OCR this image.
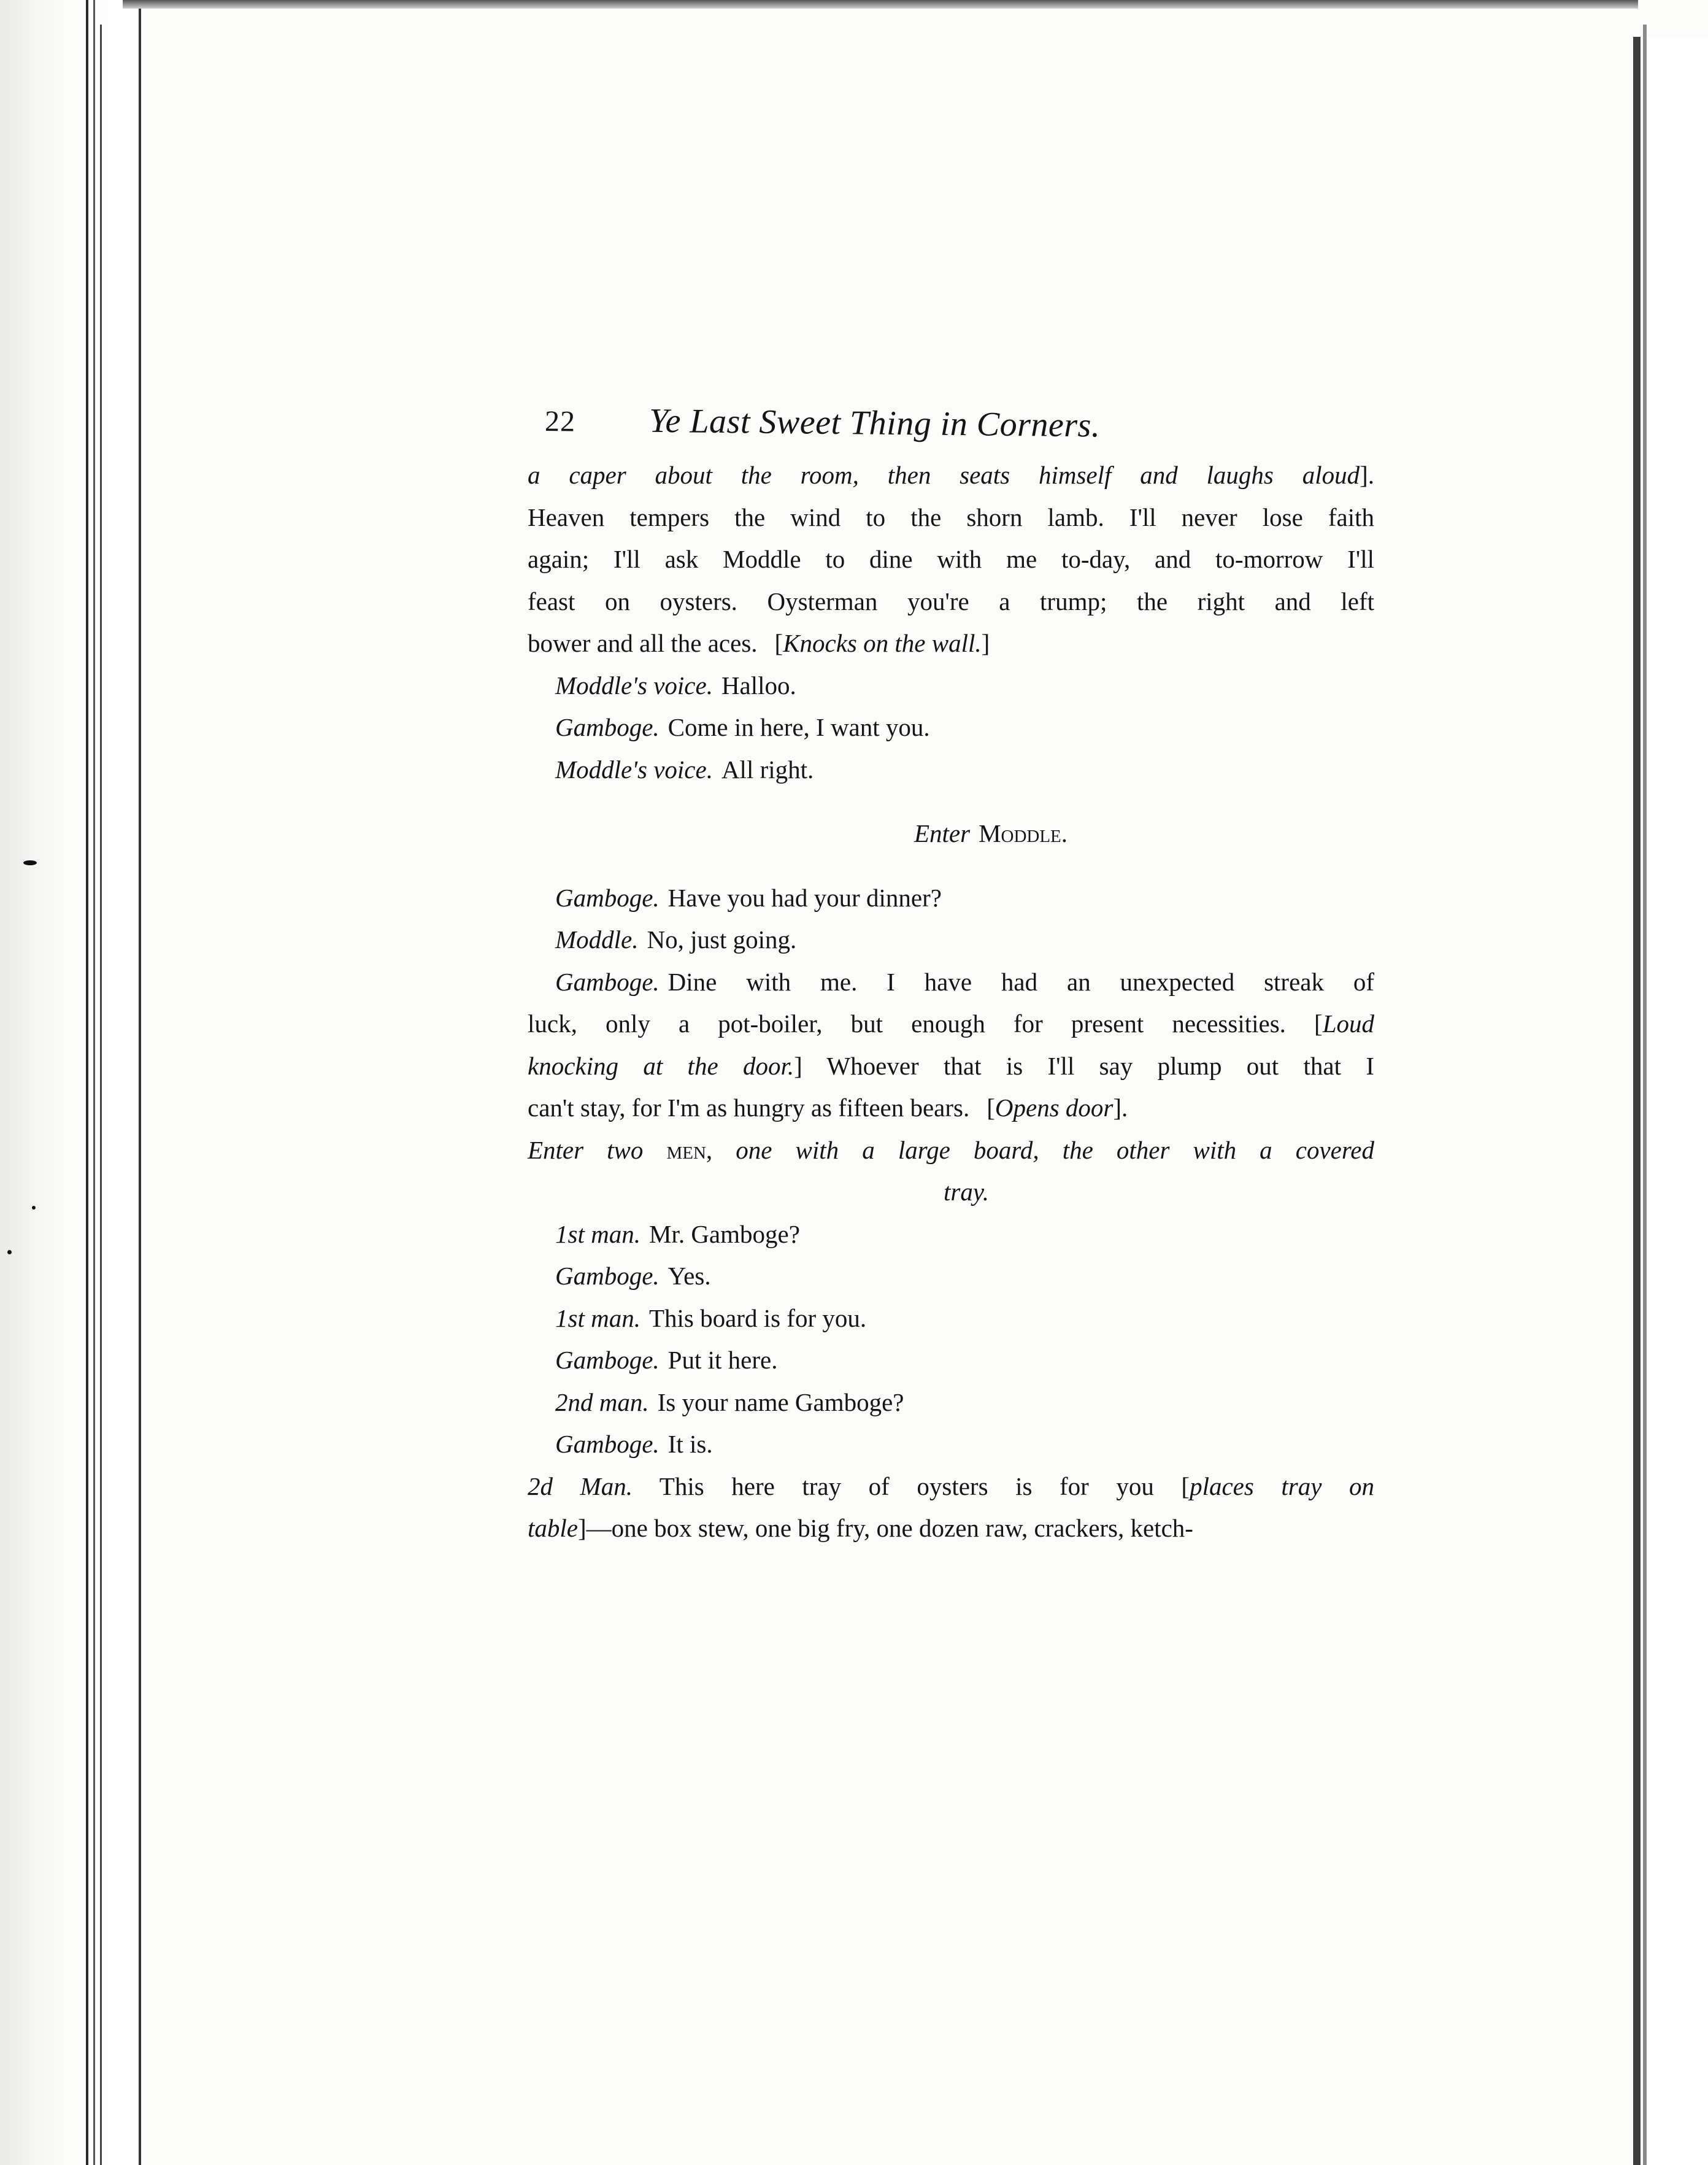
22	Ye Last Sweet Thing in Corners.
a caper about the room, then seats himself and laughs aloud].
Heaven tempers the wind to the shorn lamb. I'll never lose faith
again; I'll ask Moddle to dine with me to-day, and to-morrow I'll
feast on oysters. Oysterman you're a trump; the right and left
bower and all the aces. [Knocks on the wall.]
Moddle's voice. Halloo.
Gamboge. Come in here, I want you.
Moddle's voice. All right.
Enter Moddle.
Gamboge. Have you had your dinner?
Moddle. No, just going.
Gamboge. Dine with me. I have had an unexpected streak of
luck, only a pot-boiler, but enough for present necessities. [Loud
knocking at the door.] Whoever that is I'll say plump out that I
can't stay, for I'm as hungry as fifteen bears. [Opens door].
Enter two men, one with a large board, the other with a covered
tray.
1st man. Mr. Gamboge?
Gamboge. Yes.
1st man. This board is for you.
Gamboge. Put it here.
2nd man. Is your name Gamboge?
Gamboge. It is.
2d Man. This here tray of oysters is for you [places tray on
table]—one box stew, one big fry, one dozen raw, crackers, ketch-
